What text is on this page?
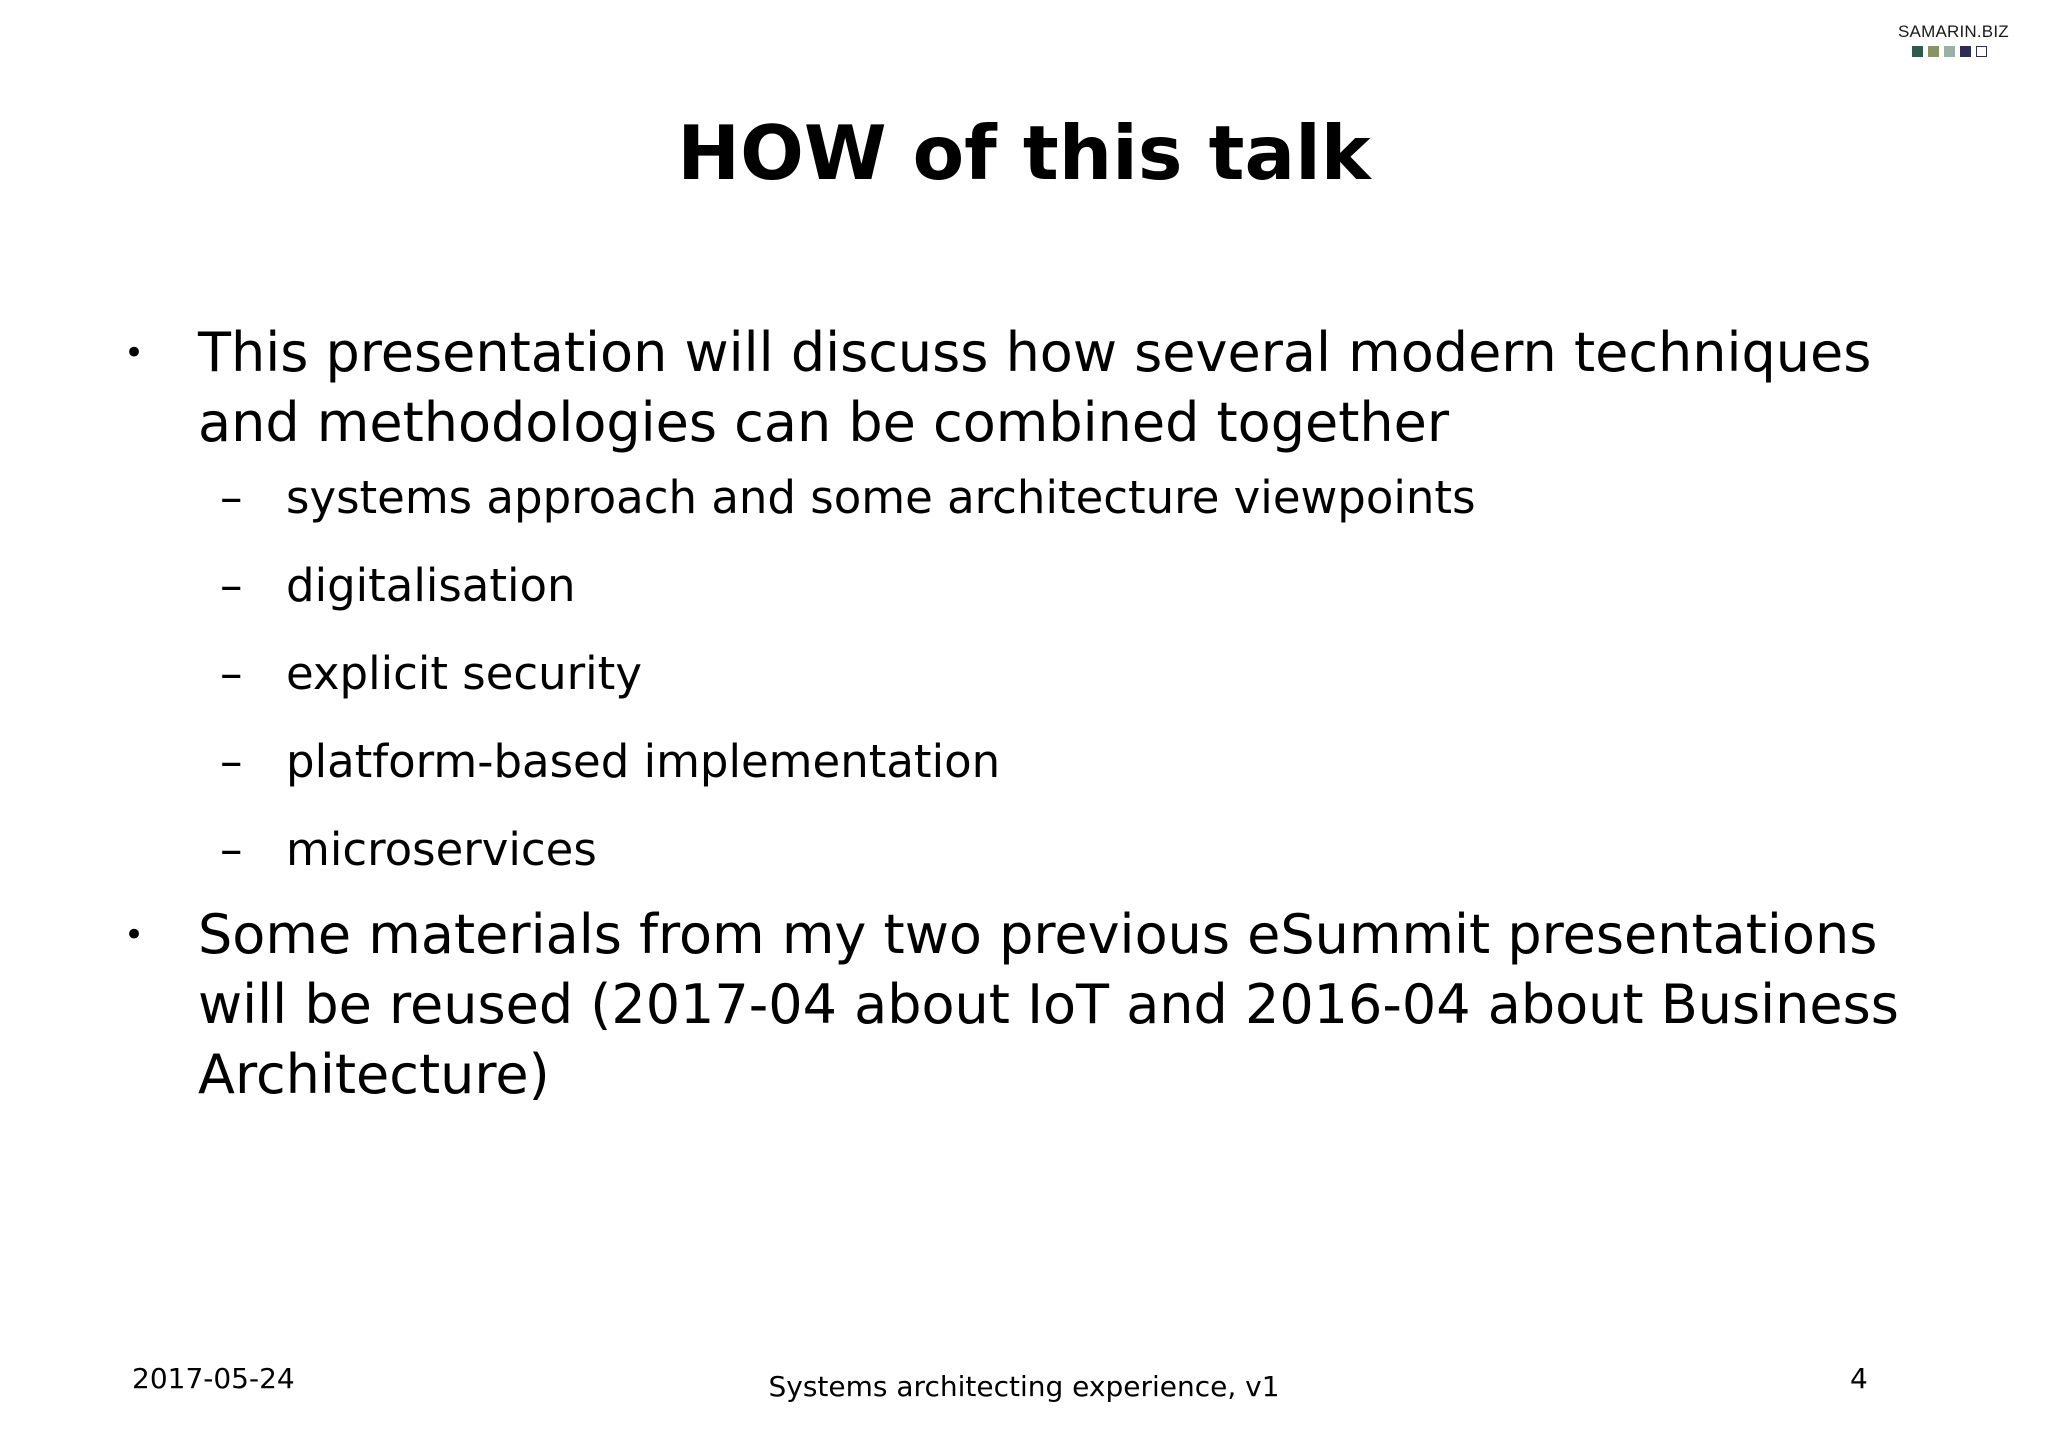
SAMARIN.BIZ
HOW of this talk
• This presentation will discuss how several modern techniques and methodologies can be combined together
– systems approach and some architecture viewpoints
– digitalisation
– explicit security
– platform-based implementation
– microservices
• Some materials from my two previous eSummit presentations will be reused (2017-04 about IoT and 2016-04 about Business Architecture)
2017-05-24	Systems architecting experience, v1	4
